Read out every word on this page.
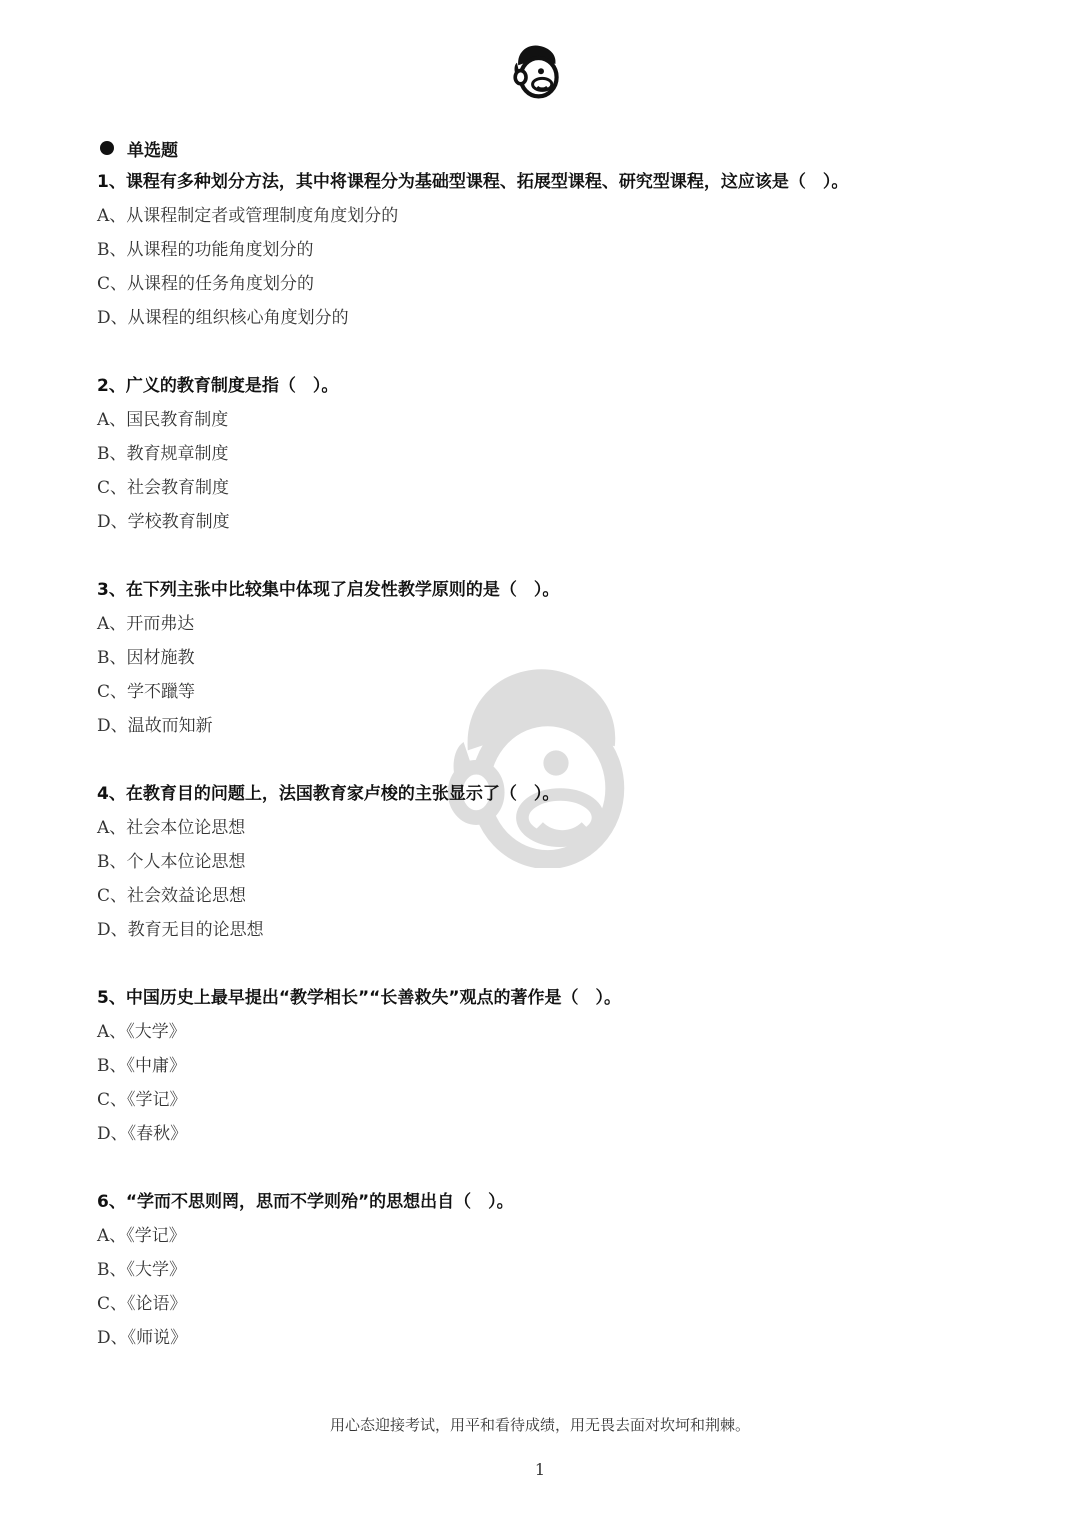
单选题
1、课程有多种划分方法，其中将课程分为基础型课程、拓展型课程、研究型课程，这应该是（　）。
A、从课程制定者或管理制度角度划分的
B、从课程的功能角度划分的
C、从课程的任务角度划分的
D、从课程的组织核心角度划分的
2、广义的教育制度是指（　）。
A、国民教育制度
B、教育规章制度
C、社会教育制度
D、学校教育制度
3、在下列主张中比较集中体现了启发性教学原则的是（　）。
A、开而弗达
B、因材施教
C、学不躐等
D、温故而知新
4、在教育目的问题上，法国教育家卢梭的主张显示了（　）。
A、社会本位论思想
B、个人本位论思想
C、社会效益论思想
D、教育无目的论思想
5、中国历史上最早提出“教学相长”“长善救失”观点的著作是（　）。
A、《大学》
B、《中庸》
C、《学记》
D、《春秋》
6、“学而不思则罔，思而不学则殆”的思想出自（　）。
A、《学记》
B、《大学》
C、《论语》
D、《师说》
用心态迎接考试，用平和看待成绩，用无畏去面对坎坷和荆棘。
1
